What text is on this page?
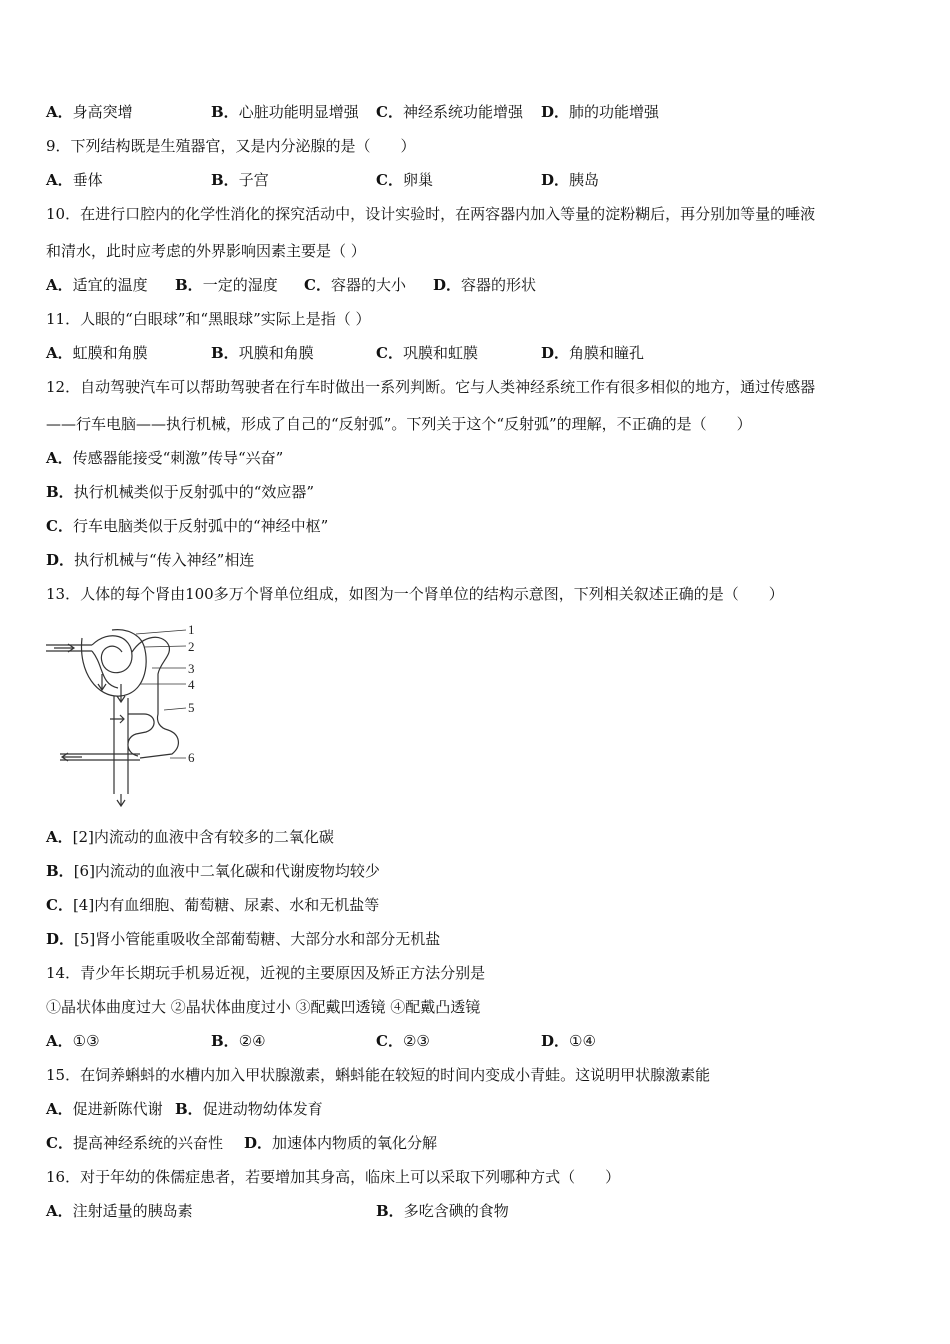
A．身高突增	B．心脏功能明显增强 C．神经系统功能增强 D．肺的功能增强
9．下列结构既是生殖器官，又是内分泌腺的是（　　）
A．垂体	B．子宫	C．卵巢	D．胰岛
10．在进行口腔内的化学性消化的探究活动中，设计实验时，在两容器内加入等量的淀粉糊后，再分别加等量的唾液
和清水，此时应考虑的外界影响因素主要是（ ）
A．适宜的温度 B．一定的湿度 C．容器的大小 D．容器的形状
11．人眼的“白眼球”和“黑眼球”实际上是指（ ）
A．虹膜和角膜	B．巩膜和角膜	C．巩膜和虹膜	D．角膜和瞳孔
12．自动驾驶汽车可以帮助驾驶者在行车时做出一系列判断。它与人类神经系统工作有很多相似的地方，通过传感器
——行车电脑——执行机械，形成了自己的“反射弧”。下列关于这个“反射弧”的理解，不正确的是（　　）
A．传感器能接受“刺激”传导“兴奋”
B．执行机械类似于反射弧中的“效应器”
C．行车电脑类似于反射弧中的“神经中枢”
D．执行机械与“传入神经”相连
13．人体的每个肾由100多万个肾单位组成，如图为一个肾单位的结构示意图，下列相关叙述正确的是（　　）
1
2
3
4
5
6
A．[2]内流动的血液中含有较多的二氧化碳
B．[6]内流动的血液中二氧化碳和代谢废物均较少
C．[4]内有血细胞、葡萄糖、尿素、水和无机盐等
D．[5]肾小管能重吸收全部葡萄糖、大部分水和部分无机盐
14．青少年长期玩手机易近视，近视的主要原因及矫正方法分别是
①晶状体曲度过大 ②晶状体曲度过小 ③配戴凹透镜 ④配戴凸透镜
A．①③	B．②④	C．②③	D．①④
15．在饲养蝌蚪的水槽内加入甲状腺激素，蝌蚪能在较短的时间内变成小青蛙。这说明甲状腺激素能
A．促进新陈代谢 B．促进动物幼体发育
C．提高神经系统的兴奋性 D．加速体内物质的氧化分解
16．对于年幼的侏儒症患者，若要增加其身高，临床上可以采取下列哪种方式（　　）
A．注射适量的胰岛素	B．多吃含碘的食物
